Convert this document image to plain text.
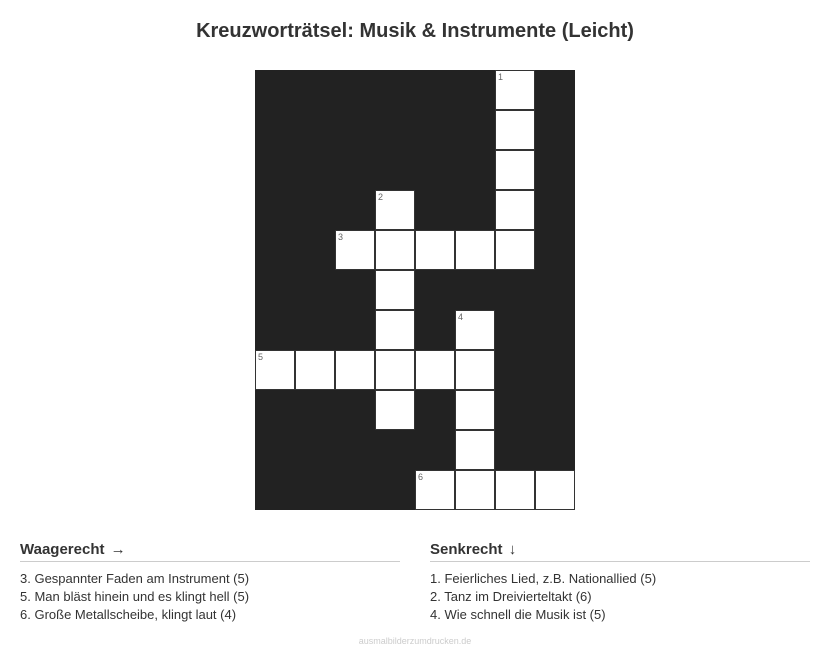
Kreuzworträtsel: Musik & Instrumente (Leicht)
1
2
3
4
5
6
Waagerecht →
3. Gespannter Faden am Instrument (5)
5. Man bläst hinein und es klingt hell (5)
6. Große Metallscheibe, klingt laut (4)
Senkrecht ↓
1. Feierliches Lied, z.B. Nationallied (5)
2. Tanz im Dreivierteltakt (6)
4. Wie schnell die Musik ist (5)
ausmalbilderzumdrucken.de
